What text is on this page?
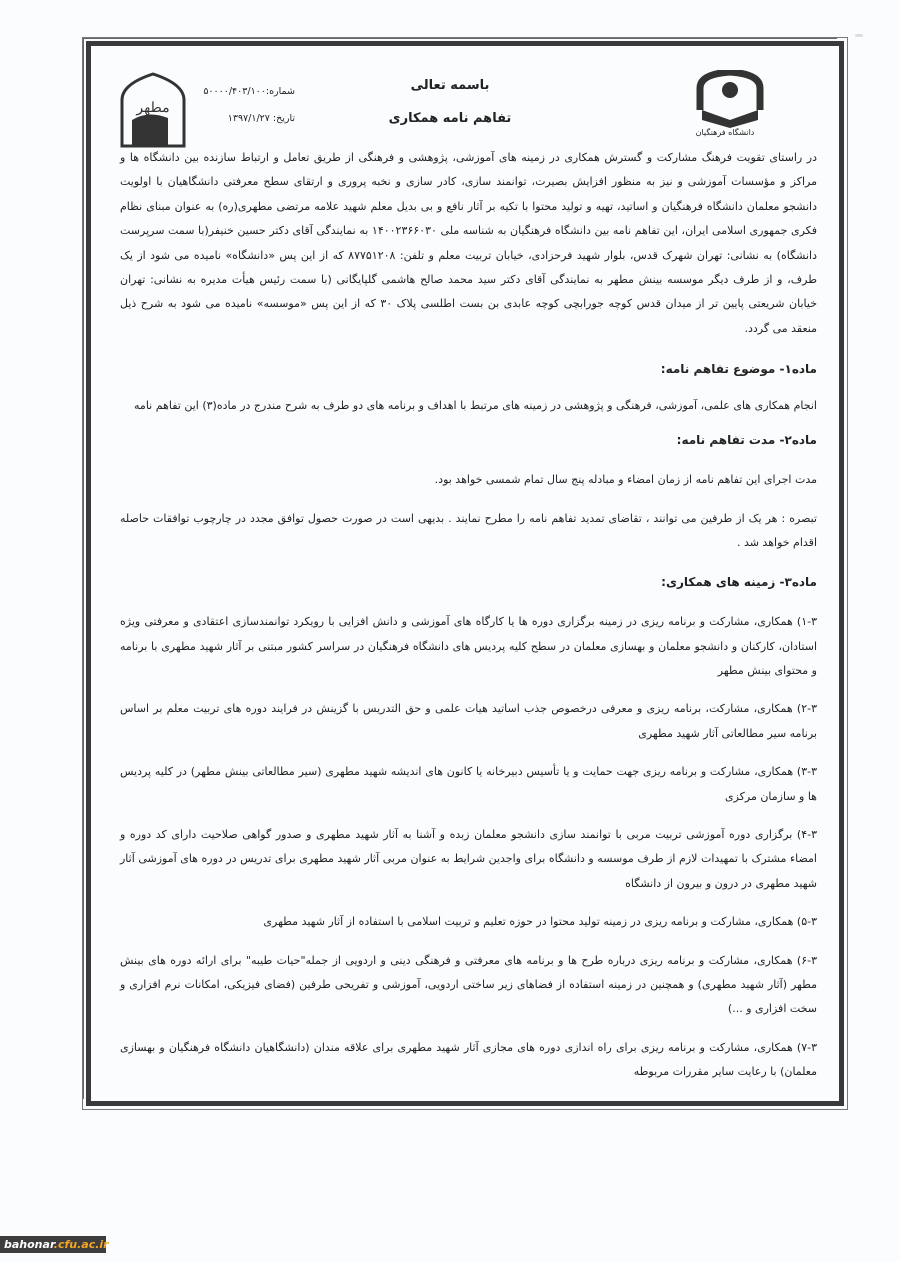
مطهر
شماره:۵۰۰۰۰/۴۰۳/۱۰۰
تاریخ: ۱۳۹۷/۱/۲۷
باسمه تعالی
تفاهم نامه همکاری
دانشگاه فرهنگیان

در راستای تقویت فرهنگ مشارکت و گسترش همکاری در زمینه های آموزشی، پژوهشی و فرهنگی از طریق تعامل و ارتباط سازنده بین دانشگاه ها و مراکز و مؤسسات آموزشی و نیز به منظور افزایش بصیرت، توانمند سازی، کادر سازی و نخبه پروری و ارتقای سطح معرفتی دانشگاهیان با اولویت دانشجو معلمان دانشگاه فرهنگیان و اساتید، تهیه و تولید محتوا با تکیه بر آثار نافع و بی بدیل معلم شهید علامه مرتضی مطهری(ره) به عنوان مبنای نظام فکری جمهوری اسلامی ایران، این تفاهم نامه بین دانشگاه فرهنگیان به شناسه ملی ۱۴۰۰۲۳۶۶۰۳۰ به نمایندگی آقای دکتر حسین خنیفر(با سمت سرپرست دانشگاه) به نشانی: تهران شهرک قدس، بلوار شهید فرحزادی، خیابان تربیت معلم و تلفن: ۸۷۷۵۱۲۰۸ که از این پس «دانشگاه» نامیده می شود از یک طرف، و از طرف دیگر موسسه بینش مطهر به نمایندگی آقای دکتر سید محمد صالح هاشمی گلپایگانی (با سمت رئیس هیأت مدیره به نشانی: تهران خیابان شریعتی پایین تر از میدان قدس کوچه جورابچی کوچه عابدی بن بست اطلسی پلاک ۳۰ که از این پس «موسسه» نامیده می شود به شرح ذیل منعقد می گردد.

ماده۱- موضوع تفاهم نامه:

انجام همکاری های علمی، آموزشی، فرهنگی و پژوهشی در زمینه های مرتبط با اهداف و برنامه های دو طرف به شرح مندرج در ماده(۳) این تفاهم نامه

ماده۲- مدت تفاهم نامه:

مدت اجرای این تفاهم نامه از زمان امضاء و مبادله پنج سال تمام شمسی خواهد بود.

تبصره : هر یک از طرفین می توانند ، تقاضای تمدید تفاهم نامه را مطرح نمایند . بدیهی است در صورت حصول توافق مجدد در چارچوب توافقات حاصله اقدام خواهد شد .

ماده۳- زمینه های همکاری:

۱-۳) همکاری، مشارکت و برنامه ریزی در زمینه برگزاری دوره ها یا کارگاه های آموزشی و دانش افزایی با رویکرد توانمندسازی اعتقادی و معرفتی ویژه استادان، کارکنان و دانشجو معلمان و بهسازی معلمان در سطح کلیه پردیس های دانشگاه فرهنگیان در سراسر کشور مبتنی بر آثار شهید مطهری با برنامه و محتوای بینش مطهر

۲-۳) همکاری، مشارکت، برنامه ریزی و معرفی درخصوص جذب اساتید هیات علمی و حق التدریس با گزینش در فرایند دوره های تربیت معلم بر اساس برنامه سیر مطالعاتی آثار شهید مطهری

۳-۳) همکاری، مشارکت و برنامه ریزی جهت حمایت و یا تأسیس دبیرخانه یا کانون های اندیشه شهید مطهری (سیر مطالعاتی بینش مطهر) در کلیه پردیس ها و سازمان مرکزی

۴-۳) برگزاری دوره آموزشی تربیت مربی با توانمند سازی دانشجو معلمان زبده و آشنا به آثار شهید مطهری و صدور گواهی صلاحیت دارای کد دوره و امضاء مشترک با تمهیدات لازم از طرف موسسه و دانشگاه برای واجدین شرایط به عنوان مربی آثار شهید مطهری برای تدریس در دوره های آموزشی آثار شهید مطهری در درون و بیرون از دانشگاه

۵-۳) همکاری، مشارکت و برنامه ریزی در زمینه تولید محتوا در حوزه تعلیم و تربیت اسلامی با استفاده از آثار شهید مطهری

۶-۳) همکاری، مشارکت و برنامه ریزی درباره طرح ها و برنامه های معرفتی و فرهنگی دینی و اردویی از جمله"حیات طیبه" برای ارائه دوره های بینش مطهر (آثار شهید مطهری) و همچنین در زمینه استفاده از فضاهای زیر ساختی اردویی، آموزشی و تفریحی طرفین (فضای فیزیکی، امکانات نرم افزاری و سخت افزاری و ...)

۷-۳) همکاری، مشارکت و برنامه ریزی برای راه اندازی دوره های مجازی آثار شهید مطهری برای علاقه مندان (دانشگاهیان دانشگاه فرهنگیان و بهسازی معلمان) با رعایت سایر مقررات مربوطه

bahonar.cfu.ac.ir
